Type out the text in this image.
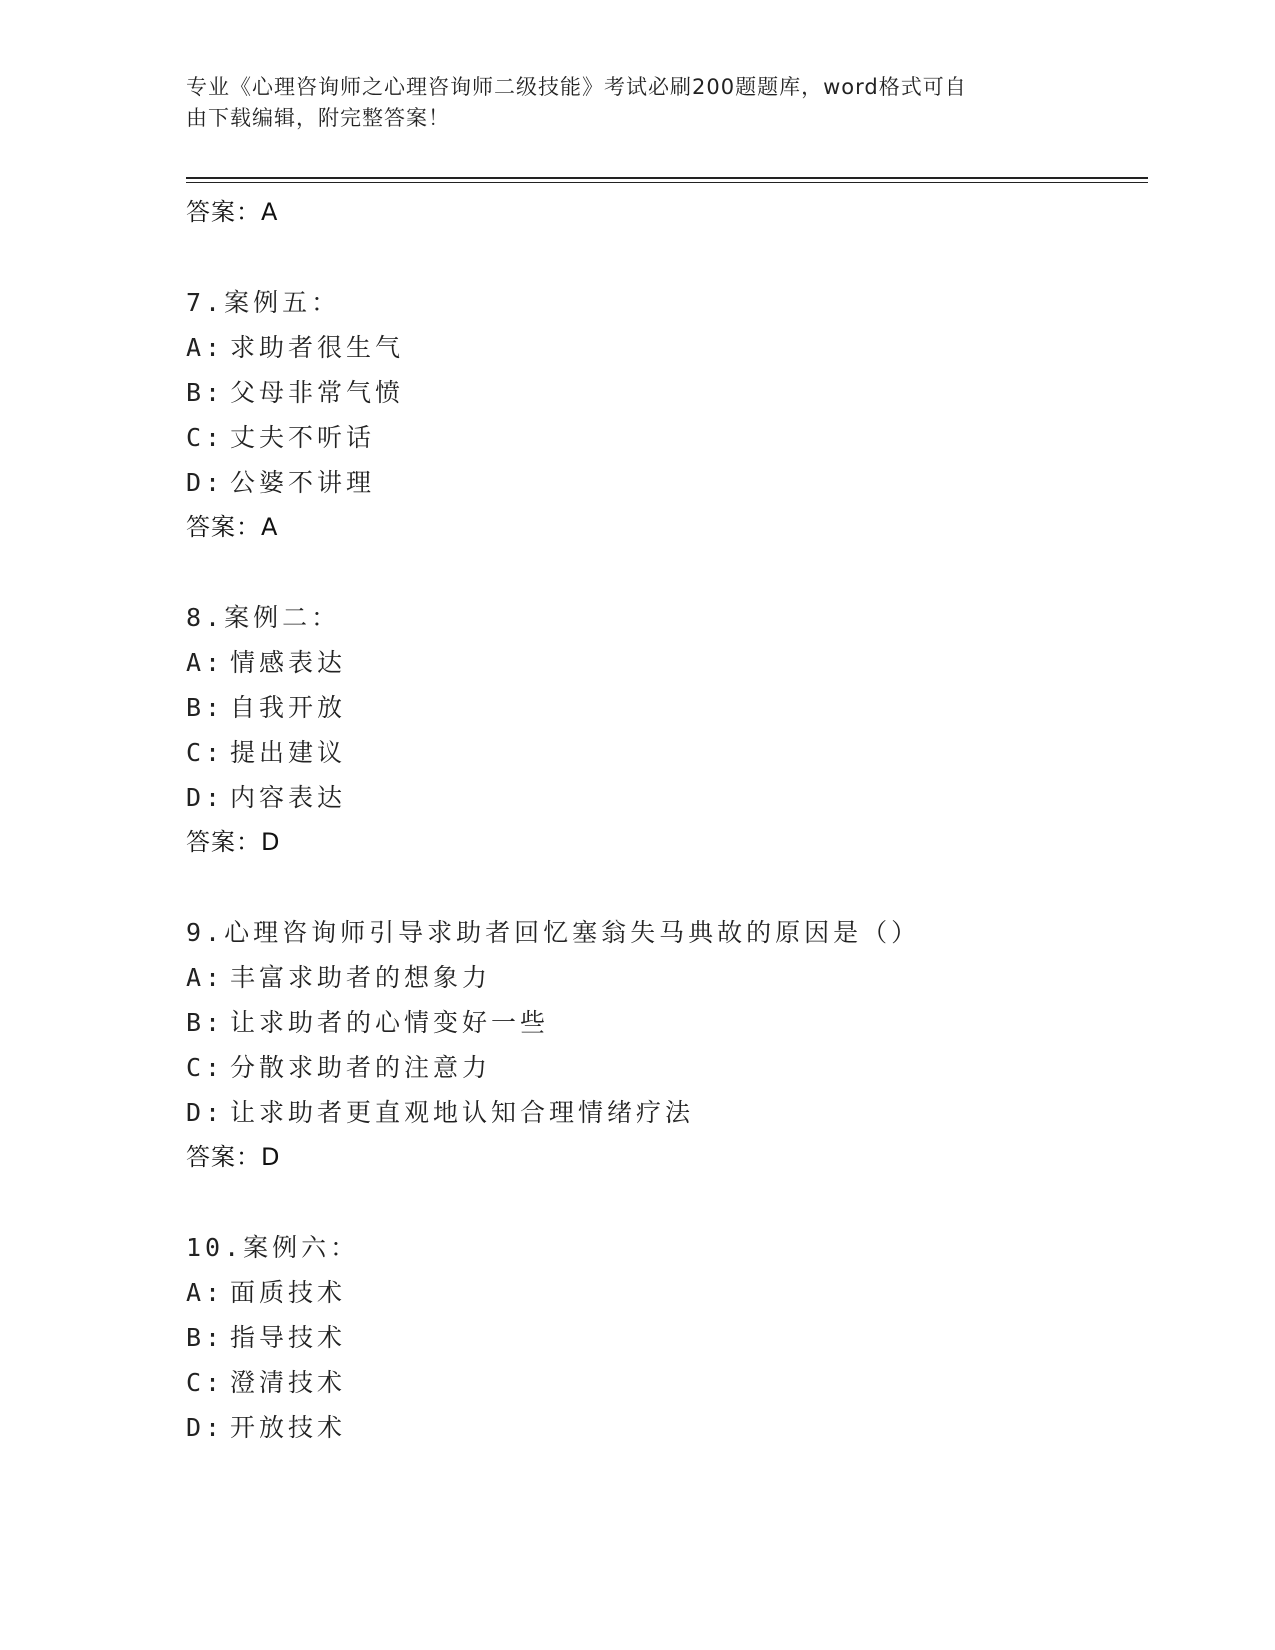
专业《心理咨询师之心理咨询师二级技能》考试必刷200题题库，word格式可自
由下载编辑，附完整答案！
答案：A
7.案例五：
A: 求助者很生气
B: 父母非常气愤
C: 丈夫不听话
D: 公婆不讲理
答案：A
8.案例二：
A: 情感表达
B: 自我开放
C: 提出建议
D: 内容表达
答案：D
9.心理咨询师引导求助者回忆塞翁失马典故的原因是（）
A: 丰富求助者的想象力
B: 让求助者的心情变好一些
C: 分散求助者的注意力
D: 让求助者更直观地认知合理情绪疗法
答案：D
10.案例六：
A: 面质技术
B: 指导技术
C: 澄清技术
D: 开放技术
